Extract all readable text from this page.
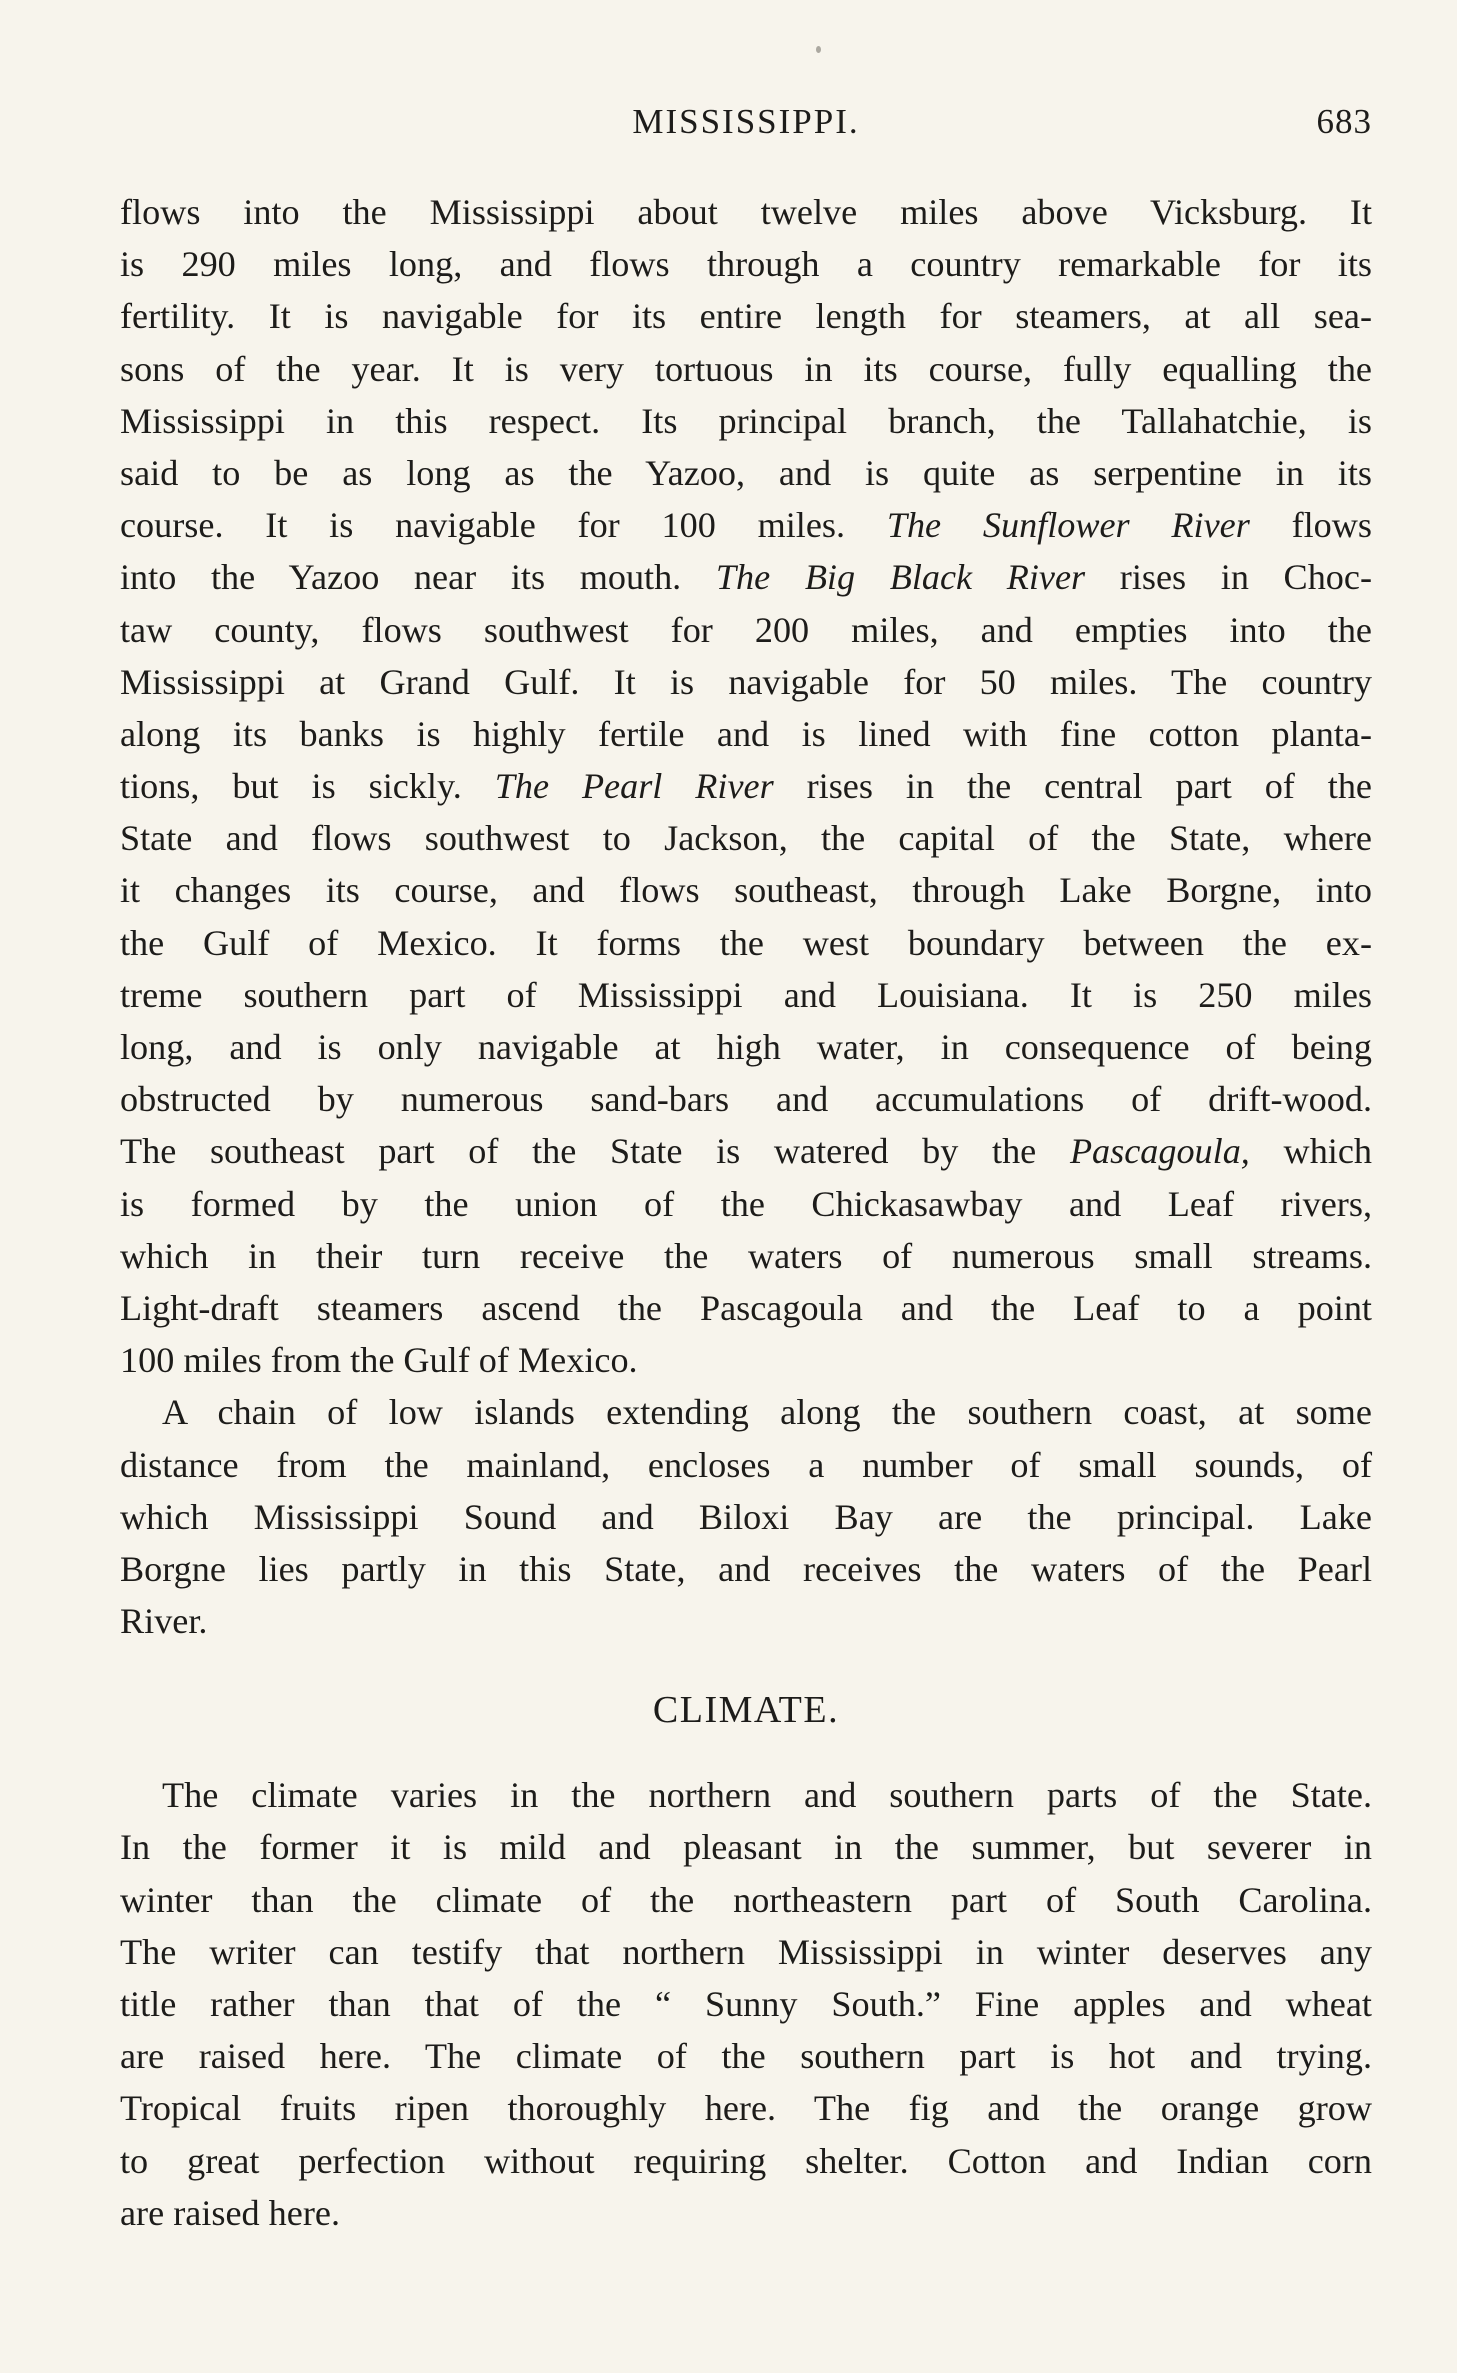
MISSISSIPPI.	683
flows into the Mississippi about twelve miles above Vicksburg. It
is 290 miles long, and flows through a country remarkable for its
fertility. It is navigable for its entire length for steamers, at all sea-
sons of the year. It is very tortuous in its course, fully equalling the
Mississippi in this respect. Its principal branch, the Tallahatchie, is
said to be as long as the Yazoo, and is quite as serpentine in its
course. It is navigable for 100 miles. The Sunflower River flows
into the Yazoo near its mouth. The Big Black River rises in Choc-
taw county, flows southwest for 200 miles, and empties into the
Mississippi at Grand Gulf. It is navigable for 50 miles. The country
along its banks is highly fertile and is lined with fine cotton planta-
tions, but is sickly. The Pearl River rises in the central part of the
State and flows southwest to Jackson, the capital of the State, where
it changes its course, and flows southeast, through Lake Borgne, into
the Gulf of Mexico. It forms the west boundary between the ex-
treme southern part of Mississippi and Louisiana. It is 250 miles
long, and is only navigable at high water, in consequence of being
obstructed by numerous sand-bars and accumulations of drift-wood.
The southeast part of the State is watered by the Pascagoula, which
is formed by the union of the Chickasawbay and Leaf rivers,
which in their turn receive the waters of numerous small streams.
Light-draft steamers ascend the Pascagoula and the Leaf to a point
100 miles from the Gulf of Mexico.
A chain of low islands extending along the southern coast, at some
distance from the mainland, encloses a number of small sounds, of
which Mississippi Sound and Biloxi Bay are the principal. Lake
Borgne lies partly in this State, and receives the waters of the Pearl
River.
CLIMATE.
The climate varies in the northern and southern parts of the State.
In the former it is mild and pleasant in the summer, but severer in
winter than the climate of the northeastern part of South Carolina.
The writer can testify that northern Mississippi in winter deserves any
title rather than that of the “ Sunny South.” Fine apples and wheat
are raised here. The climate of the southern part is hot and trying.
Tropical fruits ripen thoroughly here. The fig and the orange grow
to great perfection without requiring shelter. Cotton and Indian corn
are raised here.
